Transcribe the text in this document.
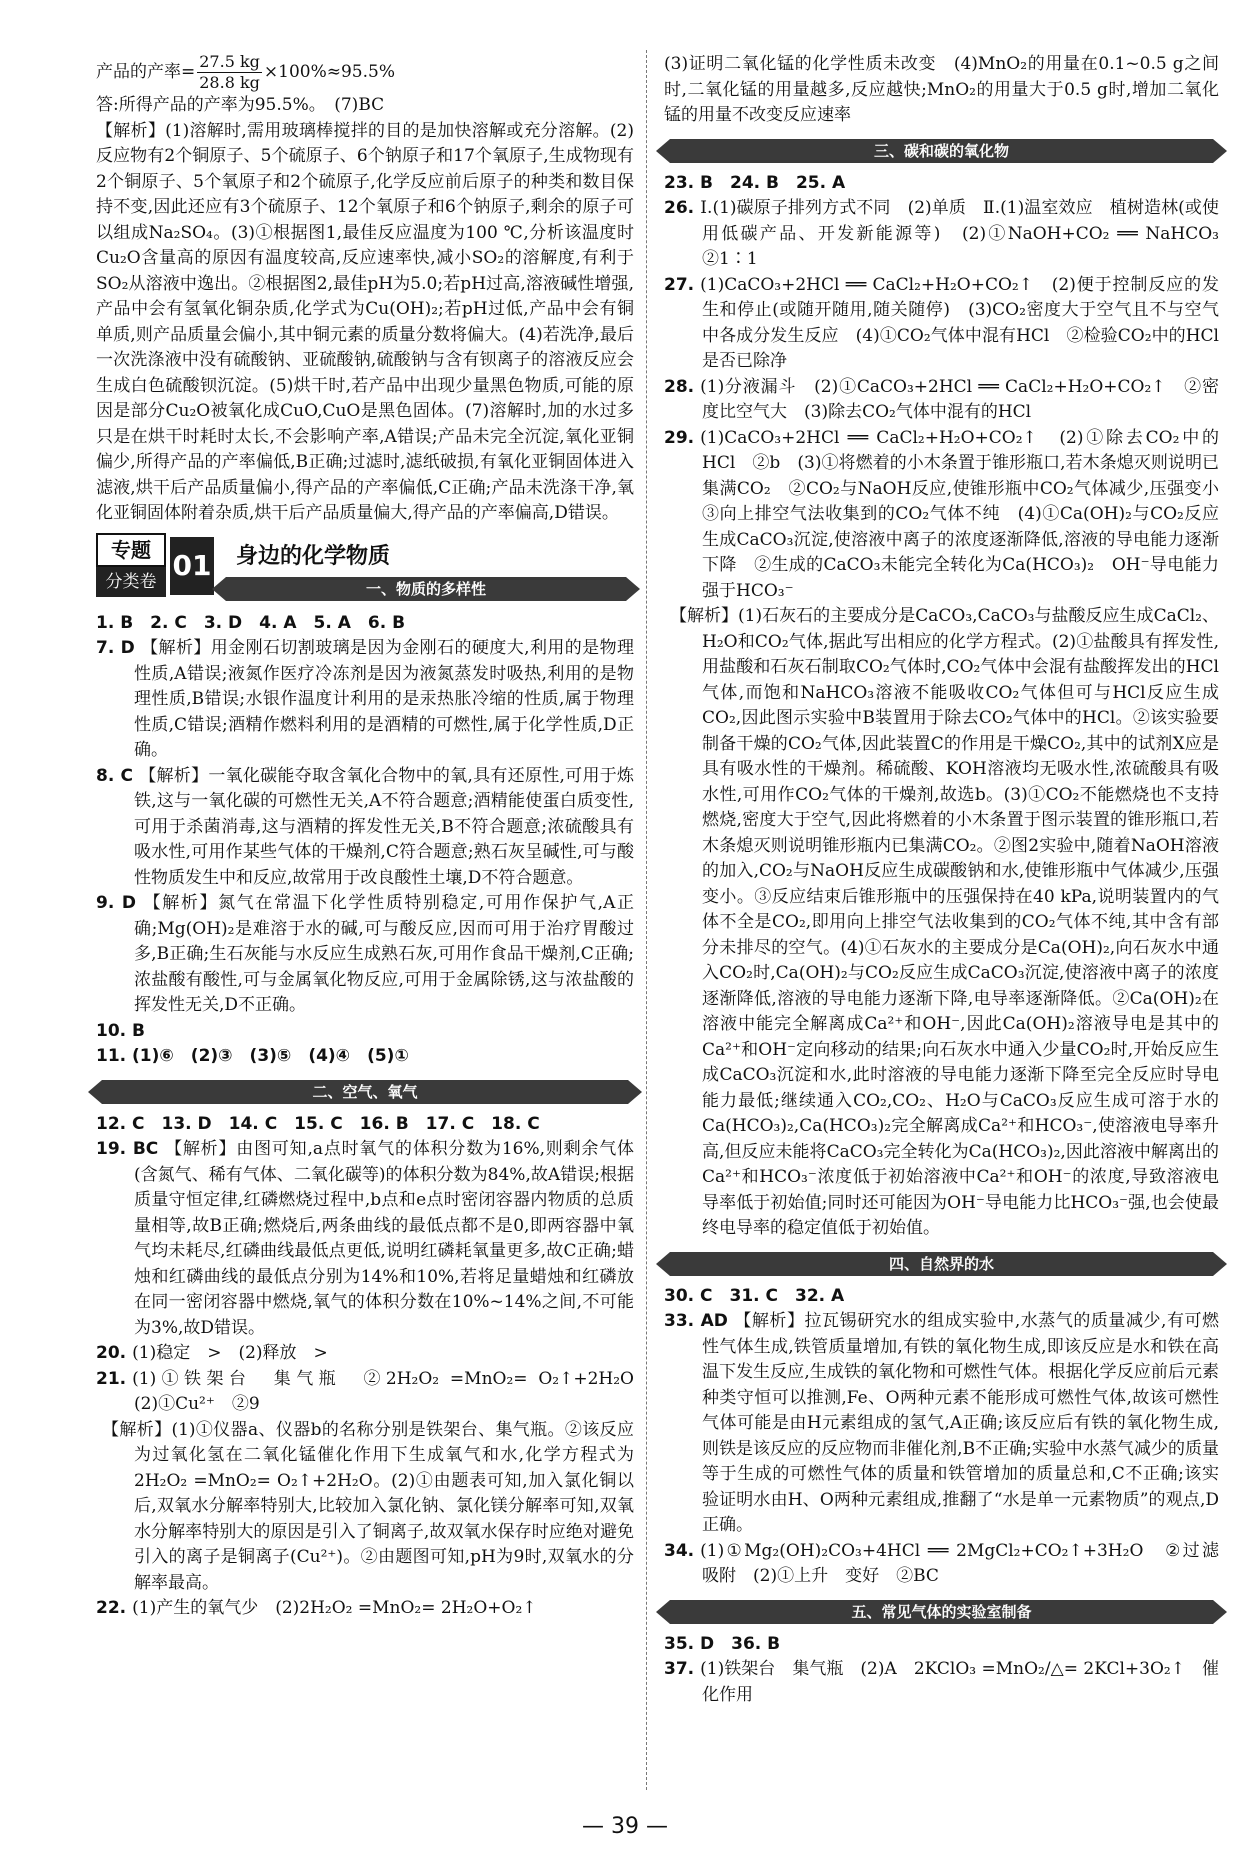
产品的产率= $\frac{27.5 kg}{28.8 kg} \times 100\%\approx 95.5\%$

答:所得产品的产率为95.5%。　(7)BC

【解析】(1)溶解时,需用玻璃棒搅拌的目的是加快溶解或充分溶解。(2)反应物有2个铜原子、5个硫原子、6个钠原子和17个氧原子,生成物现有2个铜原子、5个氧原子和2个硫原子,化学反应前后原子的种类和数目保持不变,因此还应有3个硫原子、12个氧原子和6个钠原子,剩余的原子可以组成Na₂SO₄。(3)①根据图1,最佳反应温度为100 ℃,分析该温度时Cu₂O含量高的原因有温度较高,反应速率快,减小SO₂的溶解度,有利于SO₂从溶液中逸出。②根据图2,最佳pH为5.0;若pH过高,溶液碱性增强,产品中会有氢氧化铜杂质,化学式为Cu(OH)₂;若pH过低,产品中会有铜单质,则产品质量会偏小,其中铜元素的质量分数将偏大。(4)若洗净,最后一次洗涤液中没有硫酸钠、亚硫酸钠,硫酸钠与含有钡离子的溶液反应会生成白色硫酸钡沉淀。(5)烘干时,若产品中出现少量黑色物质,可能的原因是部分Cu₂O被氧化成CuO,CuO是黑色固体。(7)溶解时,加的水过多只是在烘干时耗时太长,不会影响产率,A错误;产品未完全沉淀,氧化亚铜偏少,所得产品的产率偏低,B正确;过滤时,滤纸破损,有氧化亚铜固体进入滤液,烘干后产品质量偏小,得产品的产率偏低,C正确;产品未洗涤干净,氧化亚铜固体附着杂质,烘干后产品质量偏大,得产品的产率偏高,D错误。

专题
分类卷 01 身边的化学物质
一、物质的多样性

1. B　2. C　3. D　4. A　5. A　6. B

7. D 【解析】用金刚石切割玻璃是因为金刚石的硬度大,利用的是物理性质,A错误;液氮作医疗冷冻剂是因为液氮蒸发时吸热,利用的是物理性质,B错误;水银作温度计利用的是汞热胀冷缩的性质,属于物理性质,C错误;酒精作燃料利用的是酒精的可燃性,属于化学性质,D正确。

8. C 【解析】一氧化碳能夺取含氧化合物中的氧,具有还原性,可用于炼铁,这与一氧化碳的可燃性无关,A不符合题意;酒精能使蛋白质变性,可用于杀菌消毒,这与酒精的挥发性无关,B不符合题意;浓硫酸具有吸水性,可用作某些气体的干燥剂,C符合题意;熟石灰呈碱性,可与酸性物质发生中和反应,故常用于改良酸性土壤,D不符合题意。

9. D 【解析】氮气在常温下化学性质特别稳定,可用作保护气,A正确;Mg(OH)₂是难溶于水的碱,可与酸反应,因而可用于治疗胃酸过多,B正确;生石灰能与水反应生成熟石灰,可用作食品干燥剂,C正确;浓盐酸有酸性,可与金属氧化物反应,可用于金属除锈,这与浓盐酸的挥发性无关,D不正确。

10. B

11. (1)⑥　(2)③　(3)⑤　(4)④　(5)①

二、空气、氧气

12. C　13. D　14. C　15. C　16. B　17. C　18. C

19. BC 【解析】由图可知,a点时氧气的体积分数为16%,则剩余气体(含氮气、稀有气体、二氧化碳等)的体积分数为84%,故A错误;根据质量守恒定律,红磷燃烧过程中,b点和e点时密闭容器内物质的总质量相等,故B正确;燃烧后,两条曲线的最低点都不是0,即两容器中氧气均未耗尽,红磷曲线最低点更低,说明红磷耗氧量更多,故C正确;蜡烛和红磷曲线的最低点分别为14%和10%,若将足量蜡烛和红磷放在同一密闭容器中燃烧,氧气的体积分数在10%~14%之间,不可能为3%,故D错误。

20. (1)稳定　>　(2)释放　>

21. (1)①铁架台　集气瓶　②2H₂O₂ =MnO₂= O₂↑+2H₂O　(2)①Cu²⁺　②9

【解析】(1)①仪器a、仪器b的名称分别是铁架台、集气瓶。②该反应为过氧化氢在二氧化锰催化作用下生成氧气和水,化学方程式为2H₂O₂ =MnO₂= O₂↑+2H₂O。(2)①由题表可知,加入氯化铜以后,双氧水分解率特别大,比较加入氯化钠、氯化镁分解率可知,双氧水分解率特别大的原因是引入了铜离子,故双氧水保存时应绝对避免引入的离子是铜离子(Cu²⁺)。②由题图可知,pH为9时,双氧水的分解率最高。

22. (1)产生的氧气少　(2)2H₂O₂ =MnO₂= 2H₂O+O₂↑

(3)证明二氧化锰的化学性质未改变　(4)MnO₂的用量在0.1~0.5 g之间时,二氧化锰的用量越多,反应越快;MnO₂的用量大于0.5 g时,增加二氧化锰的用量不改变反应速率

三、碳和碳的氧化物

23. B　24. B　25. A

26. Ⅰ.(1)碳原子排列方式不同　(2)单质　Ⅱ.(1)温室效应　植树造林(或使用低碳产品、开发新能源等)　(2)①NaOH+CO₂ ══ NaHCO₃　②1∶1

27. (1)CaCO₃+2HCl ══ CaCl₂+H₂O+CO₂↑　(2)便于控制反应的发生和停止(或随开随用,随关随停)　(3)CO₂密度大于空气且不与空气中各成分发生反应　(4)①CO₂气体中混有HCl　②检验CO₂中的HCl是否已除净

28. (1)分液漏斗　(2)①CaCO₃+2HCl ══ CaCl₂+H₂O+CO₂↑　②密度比空气大　(3)除去CO₂气体中混有的HCl

29. (1)CaCO₃+2HCl ══ CaCl₂+H₂O+CO₂↑　(2)①除去CO₂中的HCl　②b　(3)①将燃着的小木条置于锥形瓶口,若木条熄灭则说明已集满CO₂　②CO₂与NaOH反应,使锥形瓶中CO₂气体减少,压强变小　③向上排空气法收集到的CO₂气体不纯　(4)①Ca(OH)₂与CO₂反应生成CaCO₃沉淀,使溶液中离子的浓度逐渐降低,溶液的导电能力逐渐下降　②生成的CaCO₃未能完全转化为Ca(HCO₃)₂　OH⁻导电能力强于HCO₃⁻

【解析】(1)石灰石的主要成分是CaCO₃,CaCO₃与盐酸反应生成CaCl₂、H₂O和CO₂气体,据此写出相应的化学方程式。(2)①盐酸具有挥发性,用盐酸和石灰石制取CO₂气体时,CO₂气体中会混有盐酸挥发出的HCl气体,而饱和NaHCO₃溶液不能吸收CO₂气体但可与HCl反应生成CO₂,因此图示实验中B装置用于除去CO₂气体中的HCl。②该实验要制备干燥的CO₂气体,因此装置C的作用是干燥CO₂,其中的试剂X应是具有吸水性的干燥剂。稀硫酸、KOH溶液均无吸水性,浓硫酸具有吸水性,可用作CO₂气体的干燥剂,故选b。(3)①CO₂不能燃烧也不支持燃烧,密度大于空气,因此将燃着的小木条置于图示装置的锥形瓶口,若木条熄灭则说明锥形瓶内已集满CO₂。②图2实验中,随着NaOH溶液的加入,CO₂与NaOH反应生成碳酸钠和水,使锥形瓶中气体减少,压强变小。③反应结束后锥形瓶中的压强保持在40 kPa,说明装置内的气体不全是CO₂,即用向上排空气法收集到的CO₂气体不纯,其中含有部分未排尽的空气。(4)①石灰水的主要成分是Ca(OH)₂,向石灰水中通入CO₂时,Ca(OH)₂与CO₂反应生成CaCO₃沉淀,使溶液中离子的浓度逐渐降低,溶液的导电能力逐渐下降,电导率逐渐降低。②Ca(OH)₂在溶液中能完全解离成Ca²⁺和OH⁻,因此Ca(OH)₂溶液导电是其中的Ca²⁺和OH⁻定向移动的结果;向石灰水中通入少量CO₂时,开始反应生成CaCO₃沉淀和水,此时溶液的导电能力逐渐下降至完全反应时导电能力最低;继续通入CO₂,CO₂、H₂O与CaCO₃反应生成可溶于水的Ca(HCO₃)₂,Ca(HCO₃)₂完全解离成Ca²⁺和HCO₃⁻,使溶液电导率升高,但反应未能将CaCO₃完全转化为Ca(HCO₃)₂,因此溶液中解离出的Ca²⁺和HCO₃⁻浓度低于初始溶液中Ca²⁺和OH⁻的浓度,导致溶液电导率低于初始值;同时还可能因为OH⁻导电能力比HCO₃⁻强,也会使最终电导率的稳定值低于初始值。

四、自然界的水

30. C　31. C　32. A

33. AD 【解析】拉瓦锡研究水的组成实验中,水蒸气的质量减少,有可燃性气体生成,铁管质量增加,有铁的氧化物生成,即该反应是水和铁在高温下发生反应,生成铁的氧化物和可燃性气体。根据化学反应前后元素种类守恒可以推测,Fe、O两种元素不能形成可燃性气体,故该可燃性气体可能是由H元素组成的氢气,A正确;该反应后有铁的氧化物生成,则铁是该反应的反应物而非催化剂,B不正确;实验中水蒸气减少的质量等于生成的可燃性气体的质量和铁管增加的质量总和,C不正确;该实验证明水由H、O两种元素组成,推翻了“水是单一元素物质”的观点,D正确。

34. (1)①Mg₂(OH)₂CO₃+4HCl ══ 2MgCl₂+CO₂↑+3H₂O　②过滤　吸附　(2)①上升　变好　②BC

五、常见气体的实验室制备

35. D　36. B

37. (1)铁架台　集气瓶　(2)A　2KClO₃ =MnO₂/△= 2KCl+3O₂↑　催化作用

— 39 —
